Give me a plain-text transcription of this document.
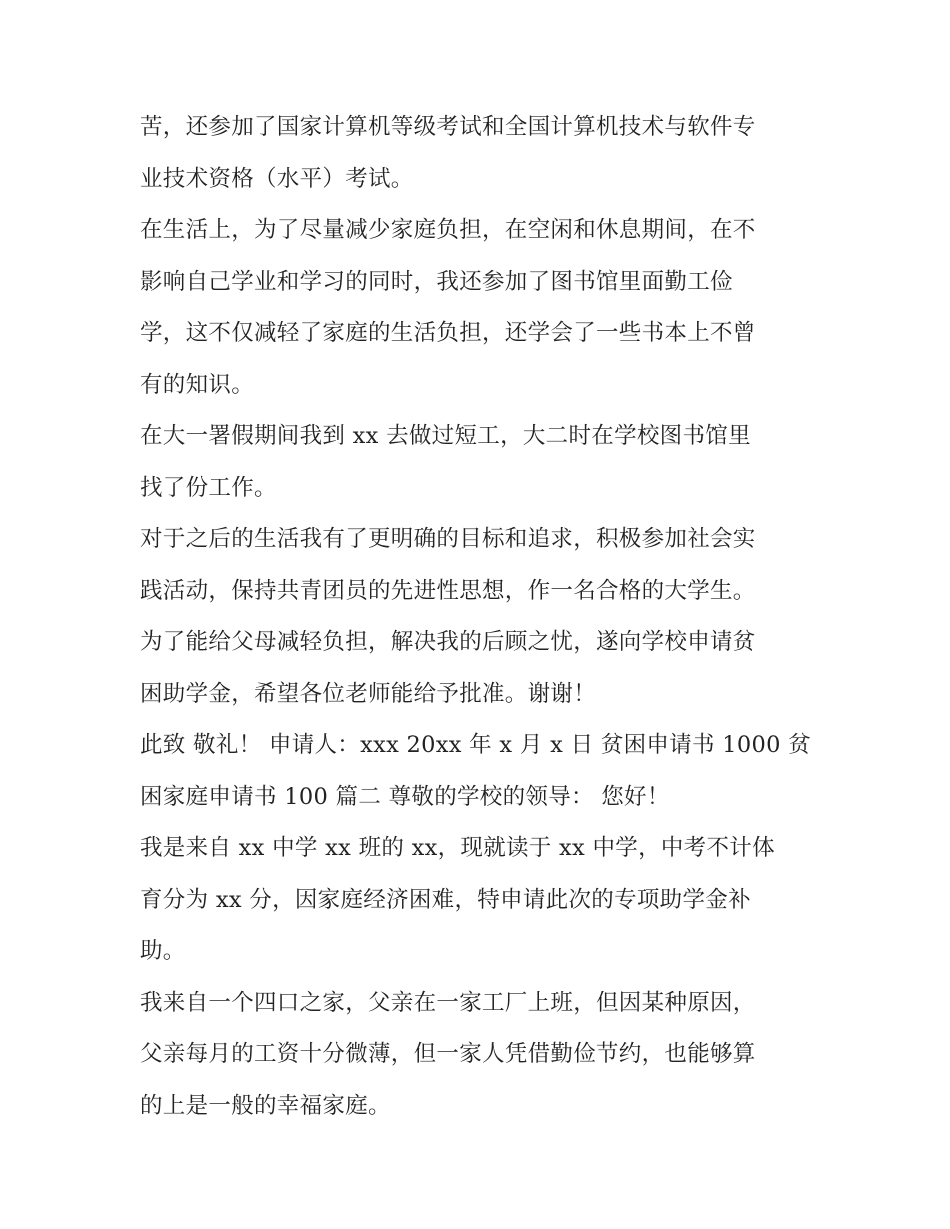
苦，还参加了国家计算机等级考试和全国计算机技术与软件专
业技术资格（水平）考试。
在生活上，为了尽量减少家庭负担，在空闲和休息期间，在不
影响自己学业和学习的同时，我还参加了图书馆里面勤工俭
学，这不仅减轻了家庭的生活负担，还学会了一些书本上不曾
有的知识。
在大一署假期间我到 xx 去做过短工，大二时在学校图书馆里
找了份工作。
对于之后的生活我有了更明确的目标和追求，积极参加社会实
践活动，保持共青团员的先进性思想，作一名合格的大学生。
为了能给父母减轻负担，解决我的后顾之忧，遂向学校申请贫
困助学金，希望各位老师能给予批准。谢谢！
此致 敬礼！ 申请人：xxx 20xx 年 x 月 x 日 贫困申请书 1000 贫
困家庭申请书 100 篇二 尊敬的学校的领导： 您好！
我是来自 xx 中学 xx 班的 xx，现就读于 xx 中学，中考不计体
育分为 xx 分，因家庭经济困难，特申请此次的专项助学金补
助。
我来自一个四口之家，父亲在一家工厂上班，但因某种原因，
父亲每月的工资十分微薄，但一家人凭借勤俭节约，也能够算
的上是一般的幸福家庭。
